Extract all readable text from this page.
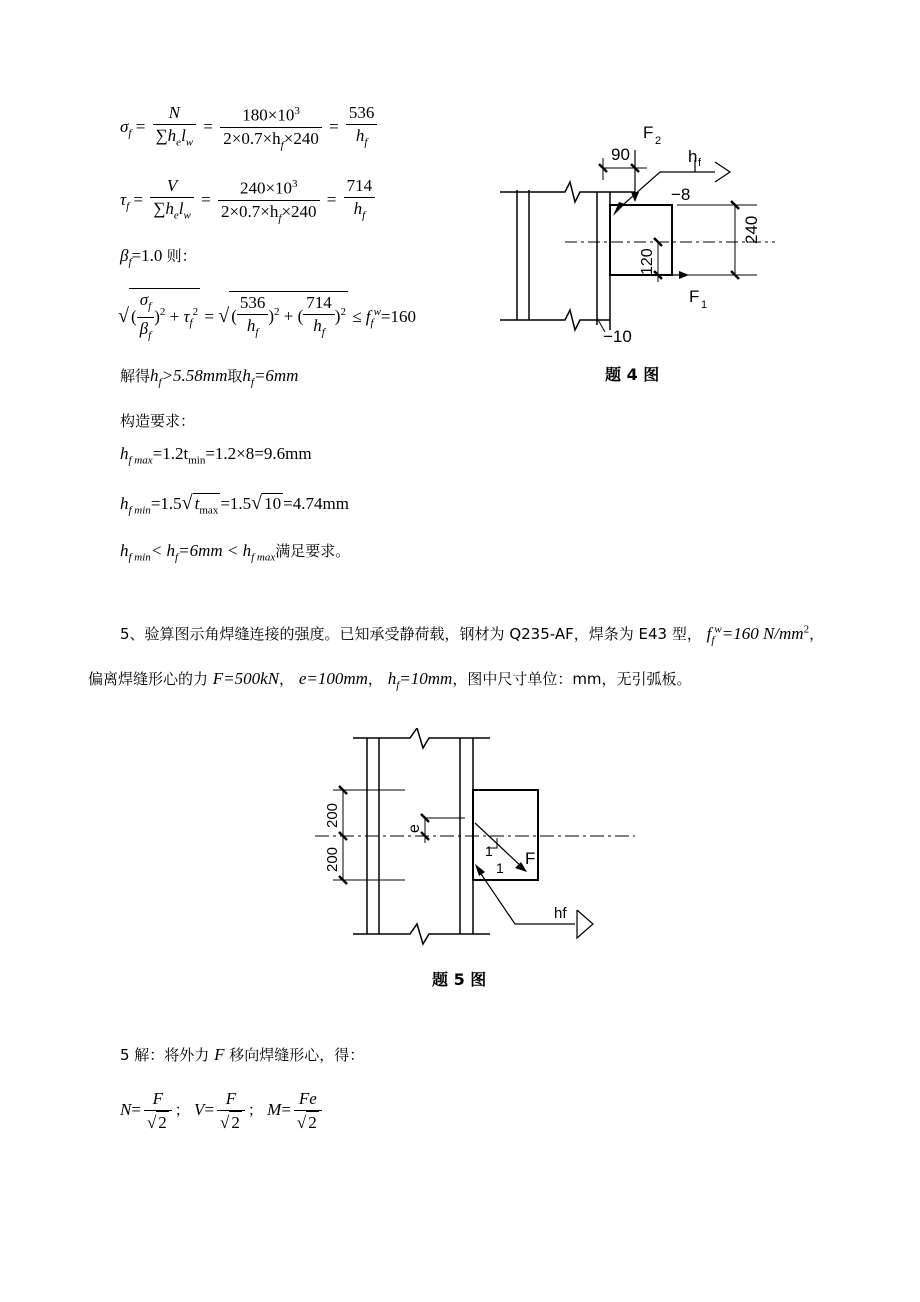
$\sigma_f = \frac{N}{\sum h_el_w} = \frac{180\times 10^3}{2\times 0.7\times h_f\times 240} = \frac{536}{h_f}$
$\tau_f = \frac{V}{\sum h_el_w} = \frac{240\times 10^3}{2\times 0.7\times h_f\times 240} = \frac{714}{h_f}$
$\beta_f=1.0$ 则：
√ ( $\frac{\sigma_f}{\beta_f} )^2 + \tau_f^2$ = √ ( $\frac{536}{h_f} )^2$ + ( $\frac{714}{h_f} )^2 \le f_f^w=160$
解得$h_f>5.58mm$取$h_f=6mm$
构造要求：
$h_{f max}=1.2t_{min}=1.2\times 8=9.6mm$
$h_{f min}=1.5√$ $t_{max} =1.5√$ 10 =4.74mm
$h_{f min}< h_f=6mm < h_{f max}$满足要求。
90
F 2
h f
−8
240
120
F 1
−10
题 4 图
5、验算图示角焊缝连接的强度。已知承受静荷载，钢材为 Q235-AF，焊条为 E43 型， $f_f^w=160$ $N/mm^2$，
偏离焊缝形心的力 F=500kN， e=100mm， $h_f=10mm$，图中尺寸单位：mm，无引弧板。
200
200
e
1
1 F
hf
题 5 图
5 解：将外力 F 移向焊缝形心，得：
$N= \frac{F}{√ 2}$ ； $V= \frac{F}{√ 2}$ ； $M= \frac{Fe}{√ 2}$
